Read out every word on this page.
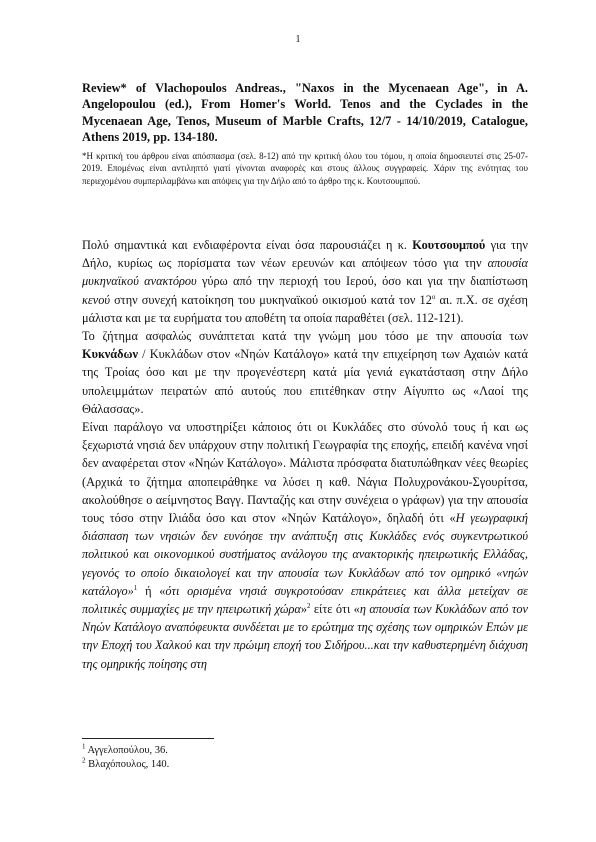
1
Review* of Vlachopoulos Andreas., "Naxos in the Mycenaean Age", in A. Angelopoulou (ed.), From Homer's World. Tenos and the Cyclades in the Mycenaean Age, Tenos, Museum of Marble Crafts, 12/7 - 14/10/2019, Catalogue, Athens 2019, pp. 134-180.
*Η κριτική του άρθρου είναι απόσπασμα (σελ. 8-12) από την κριτική όλου του τόμου, η οποία δημοσιευτεί στις 25-07-2019. Επομένως είναι αντιληπτό γιατί γίνονται αναφορές και στους άλλους συγγραφείς. Χάριν της ενότητας του περιεχομένου συμπεριλαμβάνω και απόψεις για την Δήλο από το άρθρο της κ. Κουτσουμπού.

Πολύ σημαντικά και ενδιαφέροντα είναι όσα παρουσιάζει η κ. Κουτσουμπού για την Δήλο, κυρίως ως πορίσματα των νέων ερευνών και απόψεων τόσο για την απουσία μυκηναϊκού ανακτόρου γύρω από την περιοχή του Ιερού, όσο και για την διαπίστωση κενού στην συνεχή κατοίκηση του μυκηναϊκού οικισμού κατά τον $12^o$ αι. π.Χ. σε σχέση μάλιστα και με τα ευρήματα του αποθέτη τα οποία παραθέτει (σελ. 112-121).

Το ζήτημα ασφαλώς συνάπτεται κατά την γνώμη μου τόσο με την απουσία των Κυκνάδων / Κυκλάδων στον «Νηών Κατάλογο» κατά την επιχείρηση των Αχαιών κατά της Τροίας όσο και με την προγενέστερη κατά μία γενιά εγκατάσταση στην Δήλο υπολειμμάτων πειρατών από αυτούς που επιτέθηκαν στην Αίγυπτο ως «Λαοί της Θάλασσας».

Είναι παράλογο να υποστηρίξει κάποιος ότι οι Κυκλάδες στο σύνολό τους ή και ως ξεχωριστά νησιά δεν υπάρχουν στην πολιτική Γεωγραφία της εποχής, επειδή κανένα νησί δεν αναφέρεται στον «Νηών Κατάλογο». Μάλιστα πρόσφατα διατυπώθηκαν νέες θεωρίες (Αρχικά το ζήτημα αποπειράθηκε να λύσει η καθ. Νάγια Πολυχρονάκου-Σγουρίτσα, ακολούθησε ο αείμνηστος Βαγγ. Πανταζής και στην συνέχεια ο γράφων) για την απουσία τους τόσο στην Ιλιάδα όσο και στον «Νηών Κατάλογο», δηλαδή ότι «Η γεωγραφική διάσπαση των νησιών δεν ευνόησε την ανάπτυξη στις Κυκλάδες ενός συγκεντρωτικού πολιτικού και οικονομικού συστήματος ανάλογου της ανακτορικής ηπειρωτικής Ελλάδας, γεγονός το οποίο δικαιολογεί και την απουσία των Κυκλάδων από τον ομηρικό «νηών κατάλογο»$^1$ ή «ότι ορισμένα νησιά συγκροτούσαν επικράτειες και άλλα μετείχαν σε πολιτικές συμμαχίες με την ηπειρωτική χώρα»$^2$ είτε ότι «η απουσία των Κυκλάδων από τον Νηών Κατάλογο αναπόφευκτα συνδέεται με το ερώτημα της σχέσης των ομηρικών Επών με την Εποχή του Χαλκού και την πρώιμη εποχή του Σιδήρου...και την καθυστερημένη διάχυση της ομηρικής ποίησης στη

$^1$ Αγγελοπούλου, 36.
$^2$ Βλαχόπουλος, 140.
